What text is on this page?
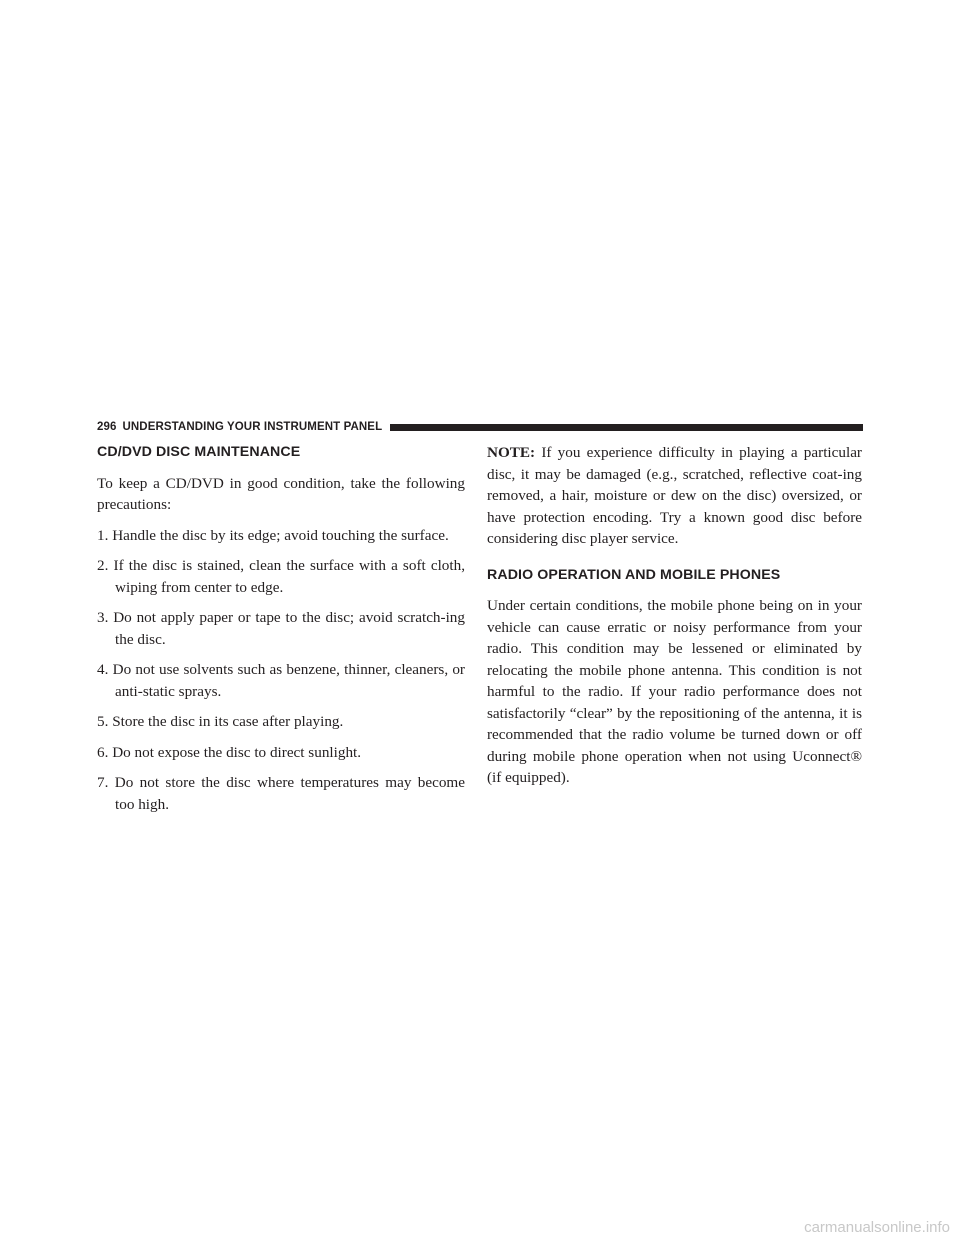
296 UNDERSTANDING YOUR INSTRUMENT PANEL
CD/DVD DISC MAINTENANCE

To keep a CD/DVD in good condition, take the following precautions:

1. Handle the disc by its edge; avoid touching the surface.
2. If the disc is stained, clean the surface with a soft cloth, wiping from center to edge.
3. Do not apply paper or tape to the disc; avoid scratch-ing the disc.
4. Do not use solvents such as benzene, thinner, cleaners, or anti-static sprays.
5. Store the disc in its case after playing.
6. Do not expose the disc to direct sunlight.
7. Do not store the disc where temperatures may become too high.

NOTE: If you experience difficulty in playing a particular disc, it may be damaged (e.g., scratched, reflective coat-ing removed, a hair, moisture or dew on the disc) oversized, or have protection encoding. Try a known good disc before considering disc player service.

RADIO OPERATION AND MOBILE PHONES

Under certain conditions, the mobile phone being on in your vehicle can cause erratic or noisy performance from your radio. This condition may be lessened or eliminated by relocating the mobile phone antenna. This condition is not harmful to the radio. If your radio performance does not satisfactorily “clear” by the repositioning of the antenna, it is recommended that the radio volume be turned down or off during mobile phone operation when not using Uconnect® (if equipped).

carmanualsonline.info
